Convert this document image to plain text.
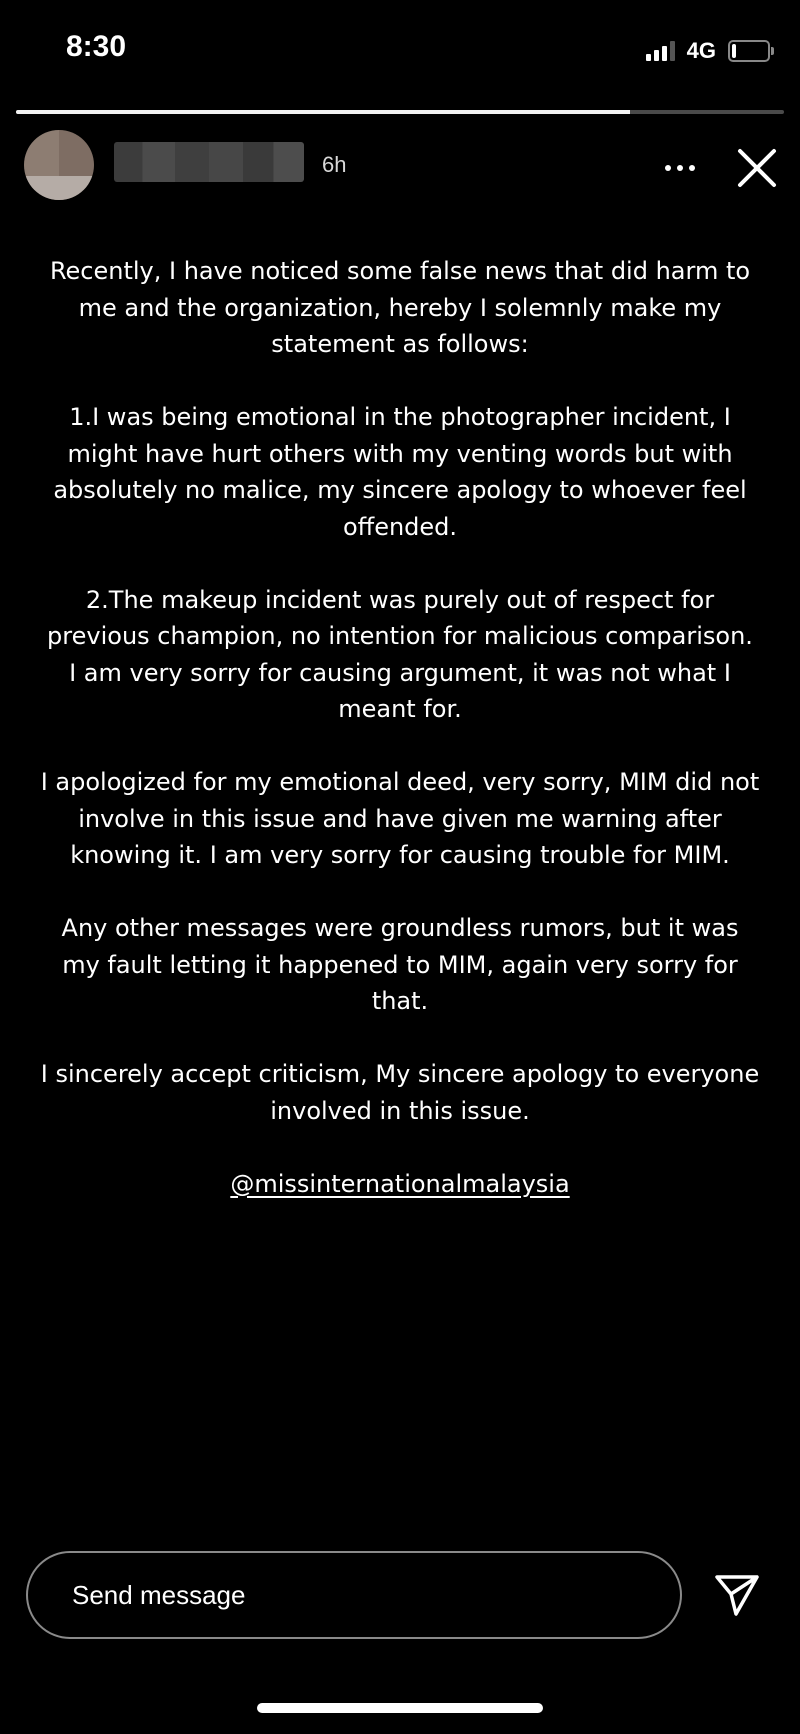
8:30	4G
6h

Recently, I have noticed some false news that did harm to me and the organization, hereby I solemnly make my statement as follows:

1.I was being emotional in the photographer incident, I might have hurt others with my venting words but with absolutely no malice, my sincere apology to whoever feel offended.

2.The makeup incident was purely out of respect for previous champion, no intention for malicious comparison. I am very sorry for causing argument, it was not what I meant for.

I apologized for my emotional deed, very sorry, MIM did not involve in this issue and have given me warning after knowing it. I am very sorry for causing trouble for MIM.

Any other messages were groundless rumors, but it was my fault letting it happened to MIM, again very sorry for that.

I sincerely accept criticism, My sincere apology to everyone involved in this issue.

@missinternationalmalaysia

Send message
